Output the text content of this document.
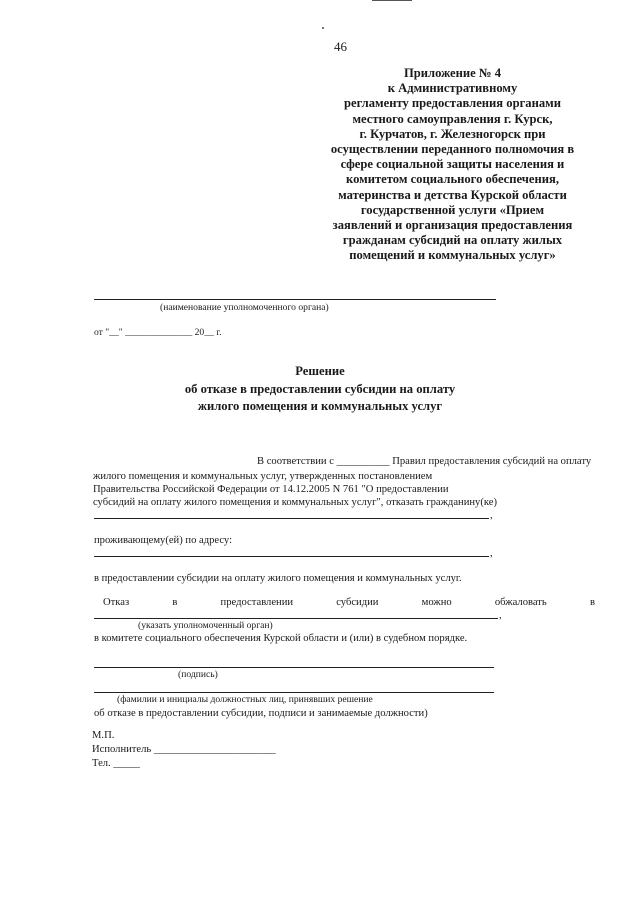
46
Приложение № 4
к Административному
регламенту предоставления органами
местного самоуправления г. Курск,
г. Курчатов, г. Железногорск при
осуществлении переданного полномочия в
сфере социальной защиты населения и
комитетом социального обеспечения,
материнства и детства Курской области
государственной услуги «Прием
заявлений и организация предоставления
гражданам субсидий на оплату жилых
помещений и коммунальных услуг»
(наименование уполномоченного органа)
от "__" ______________ 20__ г.
Решение
об отказе в предоставлении субсидии на оплату
жилого помещения и коммунальных услуг
В соответствии с __________ Правил предоставления субсидий на оплату
жилого помещения и коммунальных услуг, утвержденных постановлением
Правительства Российской Федерации от 14.12.2005 N 761 "О предоставлении
субсидий на оплату жилого помещения и коммунальных услуг", отказать гражданину(ке)
,
проживающему(ей) по адресу:
,
в предоставлении субсидии на оплату жилого помещения и коммунальных услуг.
Отказ	в	предоставлении	субсидии	можно	обжаловать	в
,
(указать уполномоченный орган)
в комитете социального обеспечения Курской области и (или) в судебном порядке.
(подпись)
(фамилии и инициалы должностных лиц, принявших решение
об отказе в предоставлении субсидии, подписи и занимаемые должности)
М.П.
Исполнитель _______________________
Тел. _____
